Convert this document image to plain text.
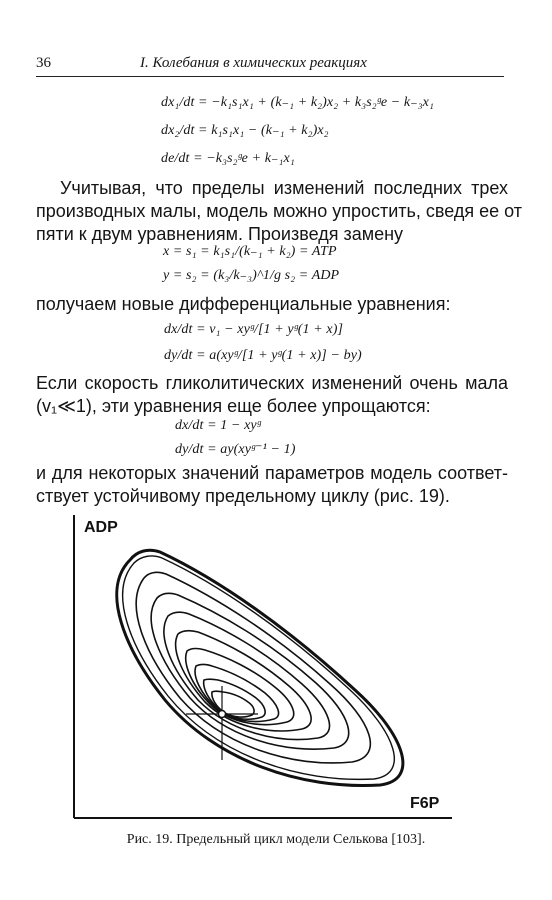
36	I. Колебания в химических реакциях
dx₁/dt = −k₁s₁x₁ + (k₋₁ + k₂)x₂ + k₃s₂ᵍe − k₋₃x₁
dx₂/dt = k₁s₁x₁ − (k₋₁ + k₂)x₂
de/dt = −k₃s₂ᵍe + k₋₁x₁
Учитывая, что пределы изменений последних трех
производных малы, модель можно упростить, сведя ее от
пяти к двум уравнениям. Произведя замену
x = s₁ = k₁s₁/(k₋₁ + k₂) = ATP
y = s₂ = (k₃/k₋₃)^1/g s₂ = ADP
получаем новые дифференциальные уравнения:
dx/dt = v₁ − xyᵍ/[1 + yᵍ(1 + x)]
dy/dt = a(xyᵍ/[1 + yᵍ(1 + x)] − by)
Если скорость гликолитических изменений очень мала
(v₁≪1), эти уравнения еще более упрощаются:
dx/dt = 1 − xyᵍ
dy/dt = ay(xyᵍ⁻¹ − 1)
и для некоторых значений параметров модель соответ-
ствует устойчивому предельному циклу (рис. 19).
ADP
F6P
Рис. 19. Предельный цикл модели Селькова [103].
